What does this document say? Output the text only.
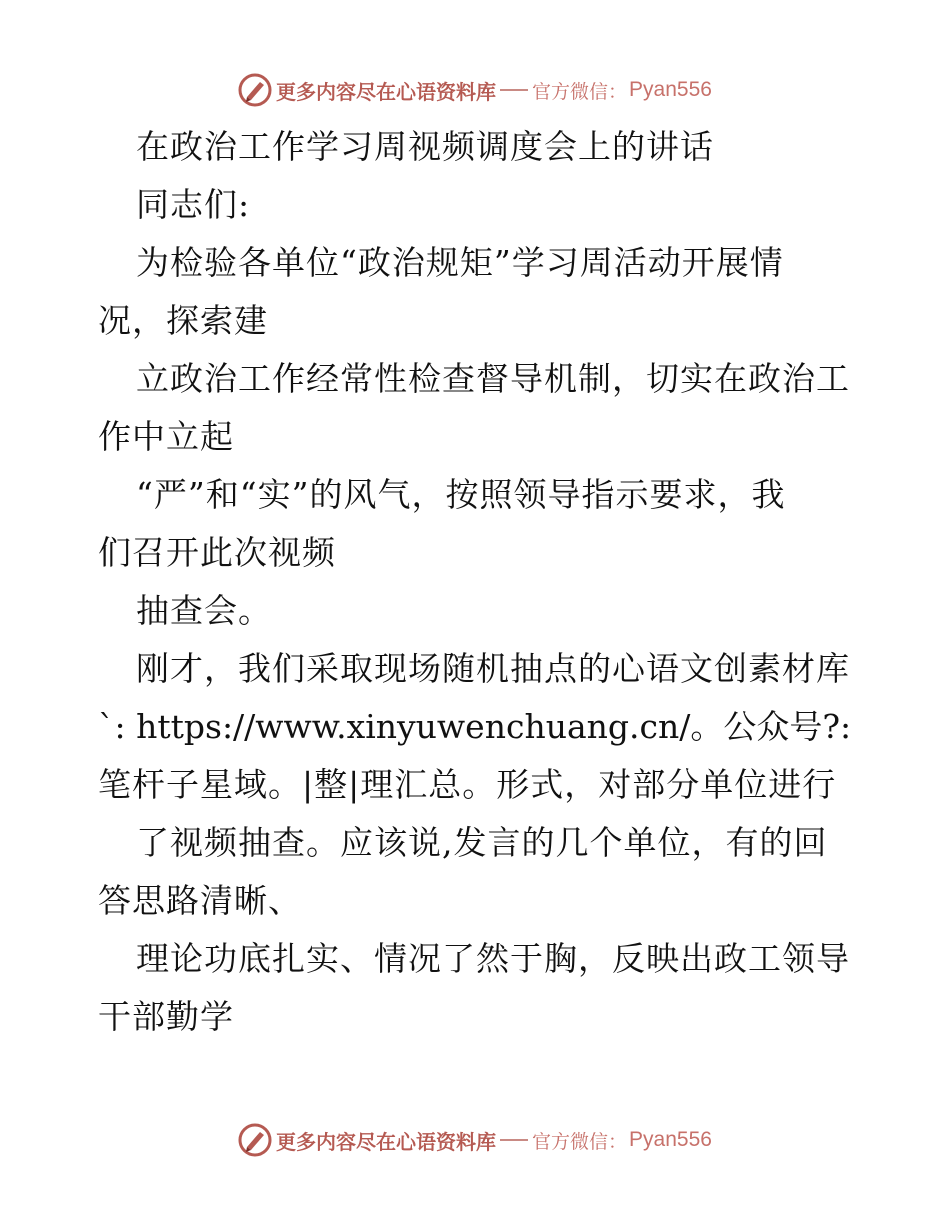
更多内容尽在心语资料库 官方微信： Pyan556
在政治工作学习周视频调度会上的讲话
同志们:
为检验各单位“政治规矩”学习周活动开展情
况，探索建
立政治工作经常性检查督导机制，切实在政治工
作中立起
“严”和“实”的风气，按照领导指示要求，我
们召开此次视频
抽查会。
刚才，我们采取现场随机抽点的心语文创素材库
`: https://www.xinyuwenchuang.cn/。公众号?:
笔杆子星域。|整|理汇总。形式，对部分单位进行
了视频抽查。应该说,发言的几个单位，有的回
答思路清晰、
理论功底扎实、情况了然于胸，反映出政工领导
干部勤学
更多内容尽在心语资料库 官方微信： Pyan556
